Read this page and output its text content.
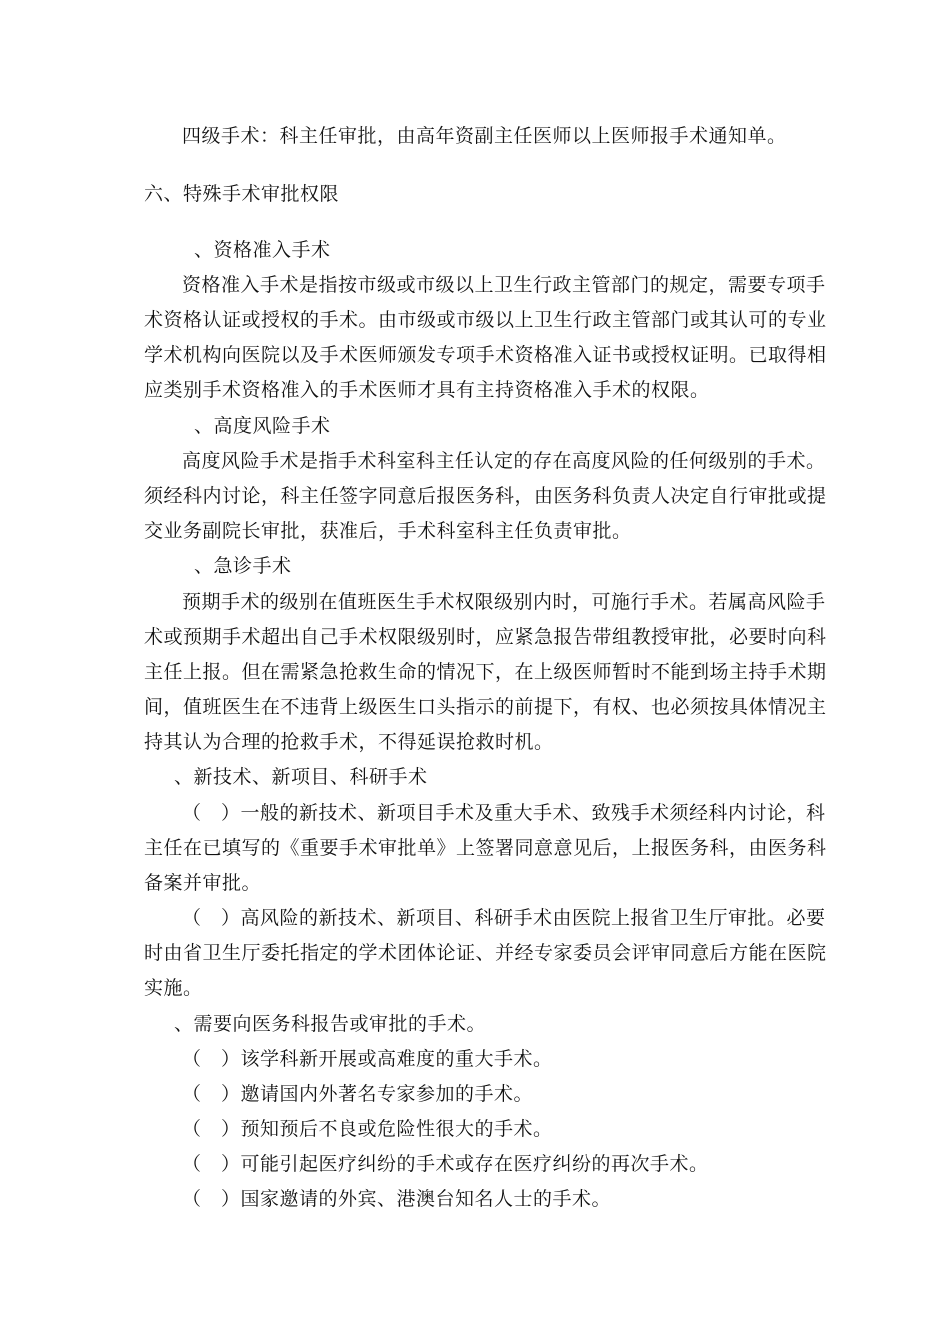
四级手术：科主任审批，由高年资副主任医师以上医师报手术通知单。
六、特殊手术审批权限
、资格准入手术
资格准入手术是指按市级或市级以上卫生行政主管部门的规定，需要专项手
术资格认证或授权的手术。由市级或市级以上卫生行政主管部门或其认可的专业
学术机构向医院以及手术医师颁发专项手术资格准入证书或授权证明。已取得相
应类别手术资格准入的手术医师才具有主持资格准入手术的权限。
、高度风险手术
高度风险手术是指手术科室科主任认定的存在高度风险的任何级别的手术。
须经科内讨论，科主任签字同意后报医务科，由医务科负责人决定自行审批或提
交业务副院长审批，获准后，手术科室科主任负责审批。
、急诊手术
预期手术的级别在值班医生手术权限级别内时，可施行手术。若属高风险手
术或预期手术超出自己手术权限级别时，应紧急报告带组教授审批，必要时向科
主任上报。但在需紧急抢救生命的情况下，在上级医师暂时不能到场主持手术期
间，值班医生在不违背上级医生口头指示的前提下，有权、也必须按具体情况主
持其认为合理的抢救手术，不得延误抢救时机。
、新技术、新项目、科研手术
（　）一般的新技术、新项目手术及重大手术、致残手术须经科内讨论，科
主任在已填写的《重要手术审批单》上签署同意意见后，上报医务科，由医务科
备案并审批。
（　）高风险的新技术、新项目、科研手术由医院上报省卫生厅审批。必要
时由省卫生厅委托指定的学术团体论证、并经专家委员会评审同意后方能在医院
实施。
、需要向医务科报告或审批的手术。
（　）该学科新开展或高难度的重大手术。
（　）邀请国内外著名专家参加的手术。
（　）预知预后不良或危险性很大的手术。
（　）可能引起医疗纠纷的手术或存在医疗纠纷的再次手术。
（　）国家邀请的外宾、港澳台知名人士的手术。
